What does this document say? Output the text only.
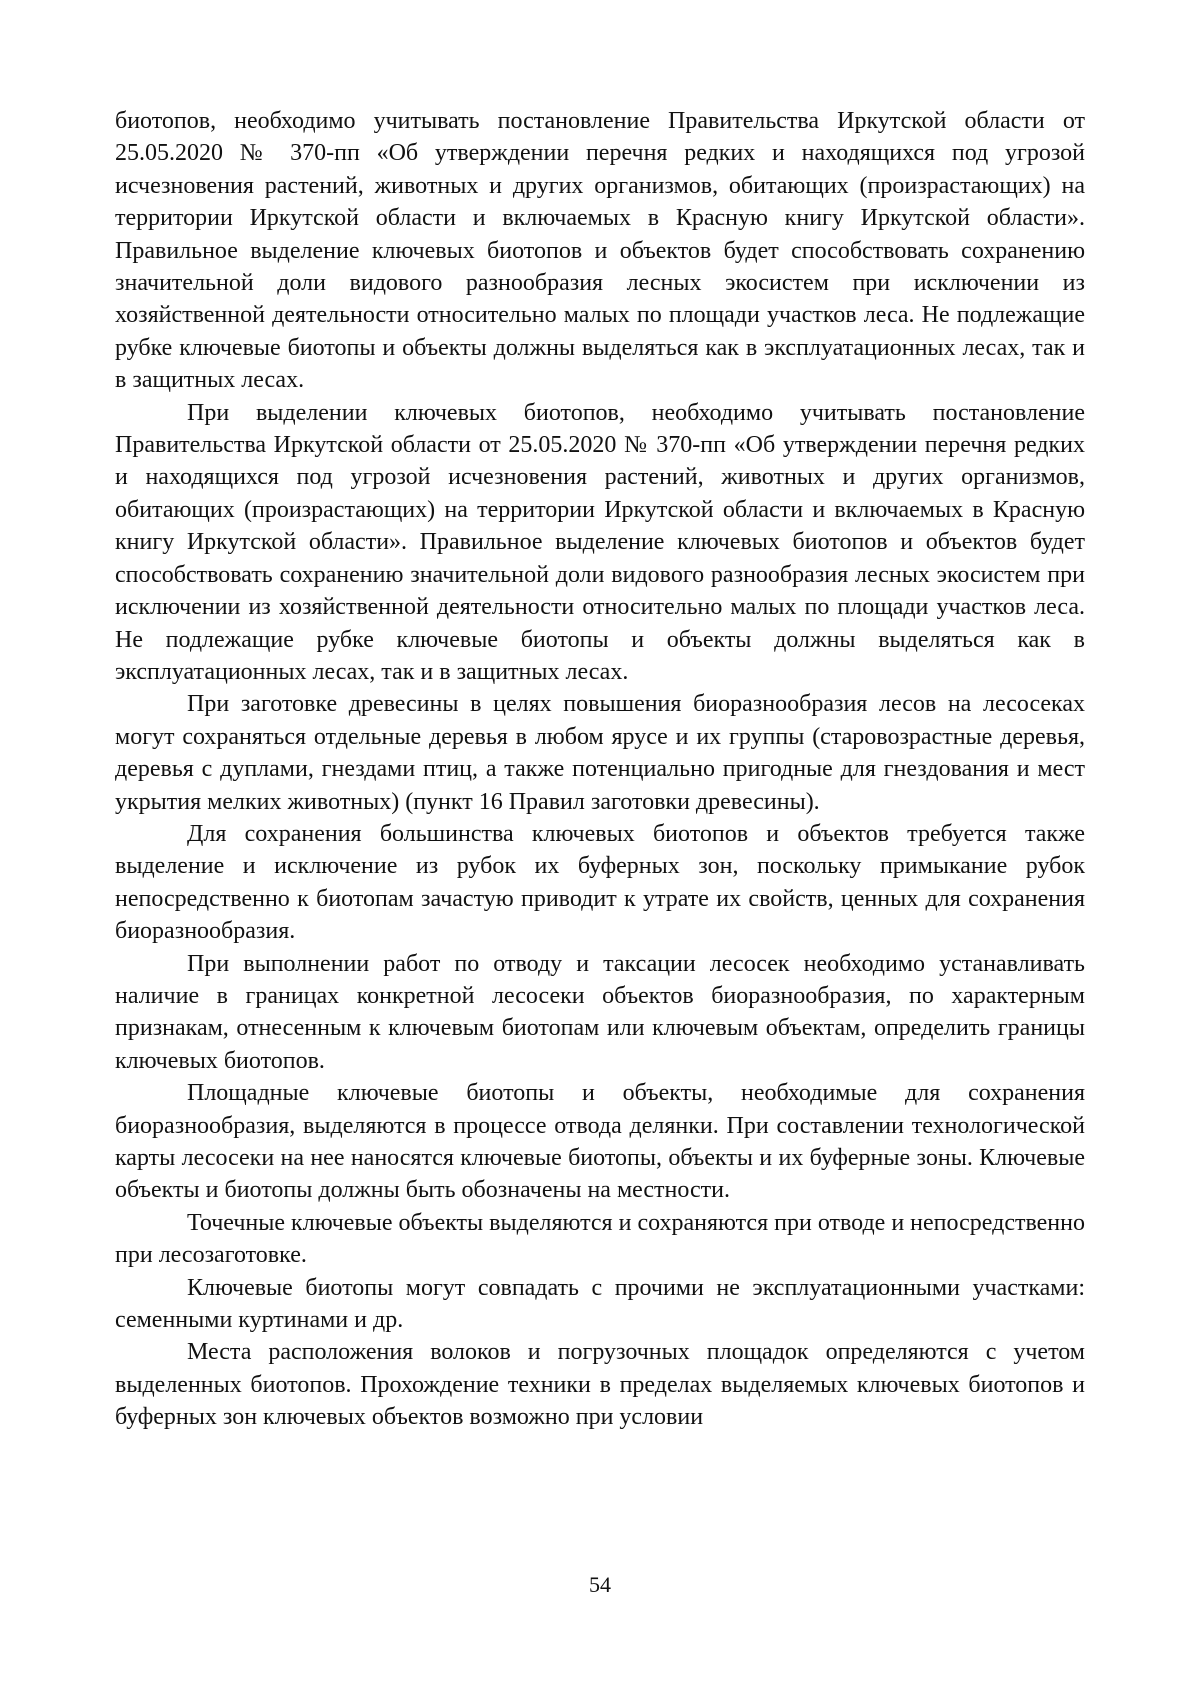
биотопов, необходимо учитывать постановление Правительства Иркутской области от 25.05.2020 № 370-пп «Об утверждении перечня редких и находящихся под угрозой исчезновения растений, животных и других организмов, обитающих (произрастающих) на территории Иркутской области и включаемых в Красную книгу Иркутской области». Правильное выделение ключевых биотопов и объектов будет способствовать сохранению значительной доли видового разнообразия лесных экосистем при исключении из хозяйственной деятельности относительно малых по площади участков леса. Не подлежащие рубке ключевые биотопы и объекты должны выделяться как в эксплуатационных лесах, так и в защитных лесах.

При выделении ключевых биотопов, необходимо учитывать постановление Правительства Иркутской области от 25.05.2020 № 370-пп «Об утверждении перечня редких и находящихся под угрозой исчезновения растений, животных и других организмов, обитающих (произрастающих) на территории Иркутской области и включаемых в Красную книгу Иркутской области». Правильное выделение ключевых биотопов и объектов будет способствовать сохранению значительной доли видового разнообразия лесных экосистем при исключении из хозяйственной деятельности относительно малых по площади участков леса. Не подлежащие рубке ключевые биотопы и объекты должны выделяться как в эксплуатационных лесах, так и в защитных лесах.

При заготовке древесины в целях повышения биоразнообразия лесов на лесосеках могут сохраняться отдельные деревья в любом ярусе и их группы (старовозрастные деревья, деревья с дуплами, гнездами птиц, а также потенциально пригодные для гнездования и мест укрытия мелких животных) (пункт 16 Правил заготовки древесины).

Для сохранения большинства ключевых биотопов и объектов требуется также выделение и исключение из рубок их буферных зон, поскольку примыкание рубок непосредственно к биотопам зачастую приводит к утрате их свойств, ценных для сохранения биоразнообразия.

При выполнении работ по отводу и таксации лесосек необходимо устанавливать наличие в границах конкретной лесосеки объектов биоразнообразия, по характерным признакам, отнесенным к ключевым биотопам или ключевым объектам, определить границы ключевых биотопов.

Площадные ключевые биотопы и объекты, необходимые для сохранения биоразнообразия, выделяются в процессе отвода делянки. При составлении технологической карты лесосеки на нее наносятся ключевые биотопы, объекты и их буферные зоны. Ключевые объекты и биотопы должны быть обозначены на местности.

Точечные ключевые объекты выделяются и сохраняются при отводе и непосредственно при лесозаготовке.

Ключевые биотопы могут совпадать с прочими не эксплуатационными участками: семенными куртинами и др.

Места расположения волоков и погрузочных площадок определяются с учетом выделенных биотопов. Прохождение техники в пределах выделяемых ключевых биотопов и буферных зон ключевых объектов возможно при условии

54
